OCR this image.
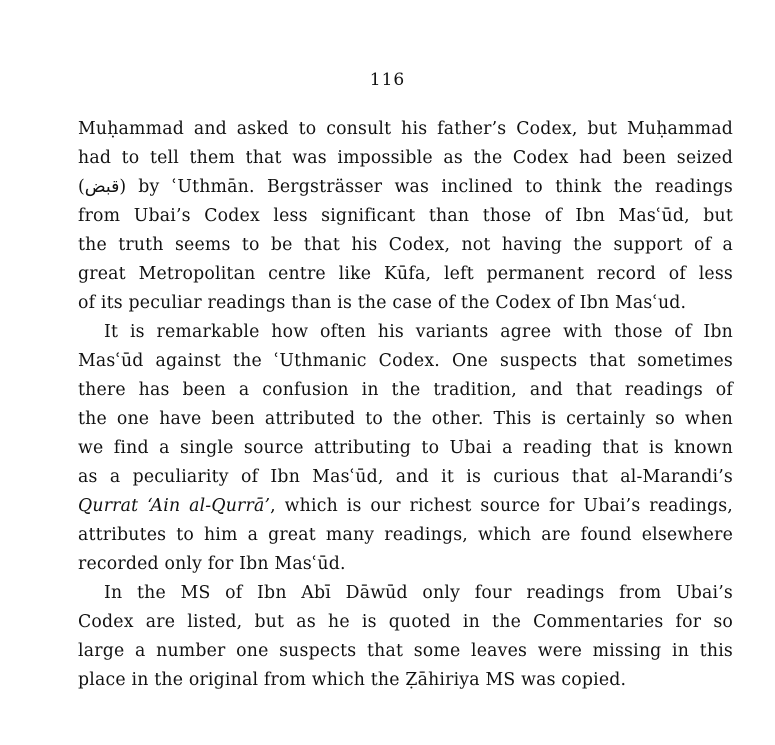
116
Muḥammad and asked to consult his father’s Codex, but Muḥammad
had to tell them that was impossible as the Codex had been seized
(قبض) by ʿUthmān. Bergsträsser was inclined to think the readings
from Ubai’s Codex less significant than those of Ibn Masʿūd, but
the truth seems to be that his Codex, not having the support of a
great Metropolitan centre like Kūfa, left permanent record of less
of its peculiar readings than is the case of the Codex of Ibn Masʿud.
It is remarkable how often his variants agree with those of Ibn
Masʿūd against the ʿUthmanic Codex. One suspects that sometimes
there has been a confusion in the tradition, and that readings of
the one have been attributed to the other. This is certainly so when
we find a single source attributing to Ubai a reading that is known
as a peculiarity of Ibn Masʿūd, and it is curious that al-Marandi’s
Qurrat ‘Ain al-Qurrā’, which is our richest source for Ubai’s readings,
attributes to him a great many readings, which are found elsewhere
recorded only for Ibn Masʿūd.
In the MS of Ibn Abī Dāwūd only four readings from Ubai’s
Codex are listed, but as he is quoted in the Commentaries for so
large a number one suspects that some leaves were missing in this
place in the original from which the Ẓāhiriya MS was copied.
